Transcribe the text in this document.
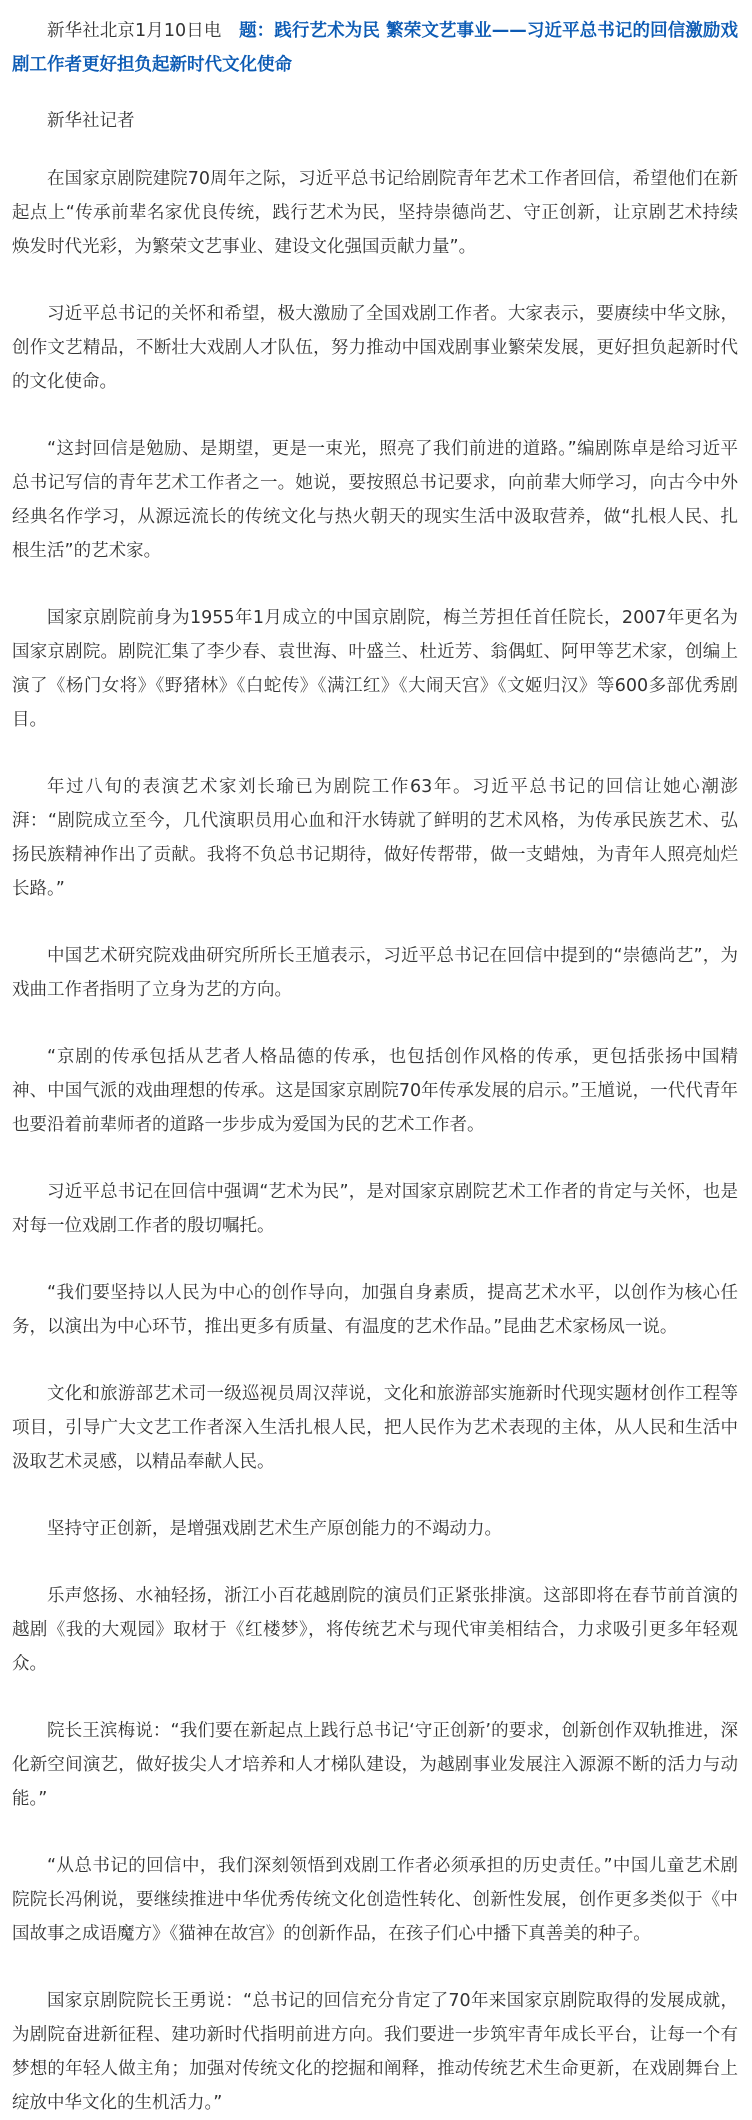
新华社北京1月10日电　 题：践行艺术为民 繁荣文艺事业——习近平总书记的回信激励戏剧工作者更好担负起新时代文化使命

新华社记者

在国家京剧院建院70周年之际，习近平总书记给剧院青年艺术工作者回信，希望他们在新起点上“传承前辈名家优良传统，践行艺术为民，坚持崇德尚艺、守正创新，让京剧艺术持续焕发时代光彩，为繁荣文艺事业、建设文化强国贡献力量”。

习近平总书记的关怀和希望，极大激励了全国戏剧工作者。大家表示，要赓续中华文脉，创作文艺精品，不断壮大戏剧人才队伍，努力推动中国戏剧事业繁荣发展，更好担负起新时代的文化使命。

“这封回信是勉励、是期望，更是一束光，照亮了我们前进的道路。”编剧陈卓是给习近平总书记写信的青年艺术工作者之一。她说，要按照总书记要求，向前辈大师学习，向古今中外经典名作学习，从源远流长的传统文化与热火朝天的现实生活中汲取营养，做“扎根人民、扎根生活”的艺术家。

国家京剧院前身为1955年1月成立的中国京剧院，梅兰芳担任首任院长，2007年更名为国家京剧院。剧院汇集了李少春、袁世海、叶盛兰、杜近芳、翁偶虹、阿甲等艺术家，创编上演了《杨门女将》《野猪林》《白蛇传》《满江红》《大闹天宫》《文姬归汉》等600多部优秀剧目。

年过八旬的表演艺术家刘长瑜已为剧院工作63年。习近平总书记的回信让她心潮澎湃：“剧院成立至今，几代演职员用心血和汗水铸就了鲜明的艺术风格，为传承民族艺术、弘扬民族精神作出了贡献。我将不负总书记期待，做好传帮带，做一支蜡烛，为青年人照亮灿烂长路。”

中国艺术研究院戏曲研究所所长王馗表示，习近平总书记在回信中提到的“崇德尚艺”，为戏曲工作者指明了立身为艺的方向。

“京剧的传承包括从艺者人格品德的传承，也包括创作风格的传承，更包括张扬中国精神、中国气派的戏曲理想的传承。这是国家京剧院70年传承发展的启示。”王馗说，一代代青年也要沿着前辈师者的道路一步步成为爱国为民的艺术工作者。

习近平总书记在回信中强调“艺术为民”，是对国家京剧院艺术工作者的肯定与关怀，也是对每一位戏剧工作者的殷切嘱托。

“我们要坚持以人民为中心的创作导向，加强自身素质，提高艺术水平，以创作为核心任务，以演出为中心环节，推出更多有质量、有温度的艺术作品。”昆曲艺术家杨凤一说。

文化和旅游部艺术司一级巡视员周汉萍说，文化和旅游部实施新时代现实题材创作工程等项目，引导广大文艺工作者深入生活扎根人民，把人民作为艺术表现的主体，从人民和生活中汲取艺术灵感，以精品奉献人民。

坚持守正创新，是增强戏剧艺术生产原创能力的不竭动力。

乐声悠扬、水袖轻扬，浙江小百花越剧院的演员们正紧张排演。这部即将在春节前首演的越剧《我的大观园》取材于《红楼梦》，将传统艺术与现代审美相结合，力求吸引更多年轻观众。

院长王滨梅说：“我们要在新起点上践行总书记‘守正创新’的要求，创新创作双轨推进，深化新空间演艺，做好拔尖人才培养和人才梯队建设，为越剧事业发展注入源源不断的活力与动能。”

“从总书记的回信中，我们深刻领悟到戏剧工作者必须承担的历史责任。”中国儿童艺术剧院院长冯俐说，要继续推进中华优秀传统文化创造性转化、创新性发展，创作更多类似于《中国故事之成语魔方》《猫神在故宫》的创新作品，在孩子们心中播下真善美的种子。

国家京剧院院长王勇说：“总书记的回信充分肯定了70年来国家京剧院取得的发展成就，为剧院奋进新征程、建功新时代指明前进方向。我们要进一步筑牢青年成长平台，让每一个有梦想的年轻人做主角；加强对传统文化的挖掘和阐释，推动传统艺术生命更新，在戏剧舞台上绽放中华文化的生机活力。”
